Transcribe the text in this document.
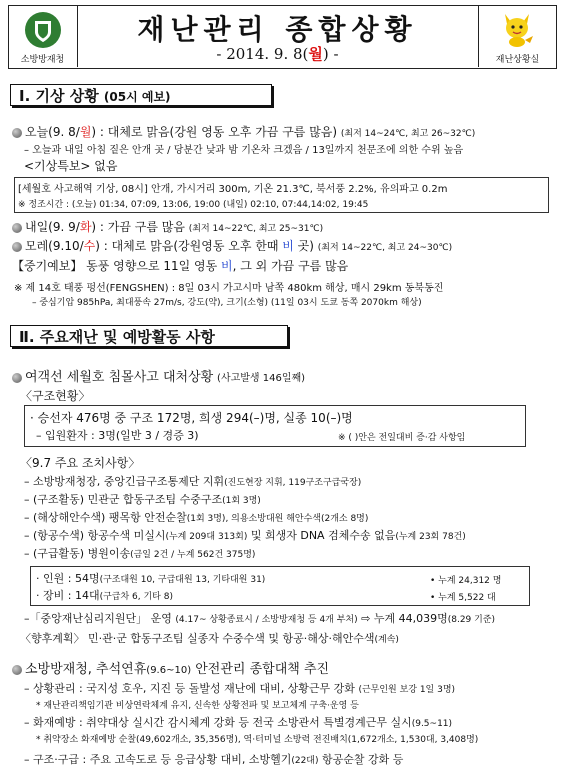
소방방재청
재난관리 종합상황
- 2014. 9. 8(월) -	재난상황실
Ⅰ. 기상 상황 (05시 예보)
오늘(9. 8/월) : 대체로 맑음(강원 영동 오후 가끔 구름 많음) (최저 14~24℃, 최고 26~32℃)
– 오늘과 내일 아침 짙은 안개 곳 / 당분간 낮과 밤 기온차 크겠음 / 13일까지 천문조에 의한 수위 높음
<기상특보> 없음
[세월호 사고해역 기상, 08시] 안개, 가시거리 300m, 기온 21.3℃, 북서풍 2.2%, 유의파고 0.2m
※ 정조시간 : (오늘) 01:34, 07:09, 13:06, 19:00 (내일) 02:10, 07:44,14:02, 19:45
내일(9. 9/화) : 가끔 구름 많음 (최저 14~22℃, 최고 25~31℃)
모레(9.10/수) : 대체로 맑음(강원영동 오후 한때 비 곳) (최저 14~22℃, 최고 24~30℃)
【중기예보】 동풍 영향으로 11일 영동 비, 그 외 가끔 구름 많음
※ 제 14호 태풍 펑선(FENGSHEN) : 8일 03시 가고시마 남쪽 480km 해상, 매시 29km 동북동진
– 중심기압 985hPa, 최대풍속 27m/s, 강도(약), 크기(소형) (11일 03시 도쿄 동쪽 2070km 해상)
Ⅱ. 주요재난 및 예방활동 사항
여객선 세월호 침몰사고 대처상황 (사고발생 146일째)
〈구조현황〉
· 승선자 476명 중 구조 172명, 희생 294(–)명, 실종 10(–)명
– 입원환자 : 3명(일반 3 / 경증 3)	※ ( )안은 전일대비 증·감 사항임
〈9.7 주요 조치사항〉
– 소방방재청장, 중앙긴급구조통제단 지휘(진도현장 지휘, 119구조구급국장)
– (구조활동) 민관군 합동구조팀 수중구조(1회 3명)
– (해상해안수색) 팽목항 안전순찰(1회 3명), 의용소방대원 해안수색(2개소 8명)
– (항공수색) 항공수색 미실시(누계 209대 313회) 및 희생자 DNA 검체수송 없음(누계 23회 78건)
– (구급활동) 병원이송(금일 2건 / 누계 562건 375명)
· 인원 : 54명(구조대원 10, 구급대원 13, 기타대원 31)	• 누계 24,312 명
· 장비 : 14대(구급차 6, 기타 8)	• 누계 5,522 대
–「중앙재난심리지원단」 운영 (4.17~ 상황종료시 / 소방방재청 등 4개 부처) ⇨ 누계 44,039명(8.29 기준)
〈향후계획〉 민·관·군 합동구조팀 실종자 수중수색 및 항공·해상·해안수색(계속)
소방방재청, 추석연휴(9.6~10) 안전관리 종합대책 추진
– 상황관리 : 국지성 호우, 지진 등 돌발성 재난에 대비, 상황근무 강화 (근무인원 보강 1일 3명)
* 재난관리책임기관 비상연락체계 유지, 신속한 상황전파 및 보고체계 구축·운영 등
– 화재예방 : 취약대상 실시간 감시체계 강화 등 전국 소방관서 특별경계근무 실시(9.5~11)
* 취약장소 화재예방 순찰(49,602개소, 35,356명), 역·터미널 소방력 전진배치(1,672개소, 1,530대, 3,408명)
– 구조·구급 : 주요 고속도로 등 응급상황 대비, 소방헬기(22대) 항공순찰 강화 등
